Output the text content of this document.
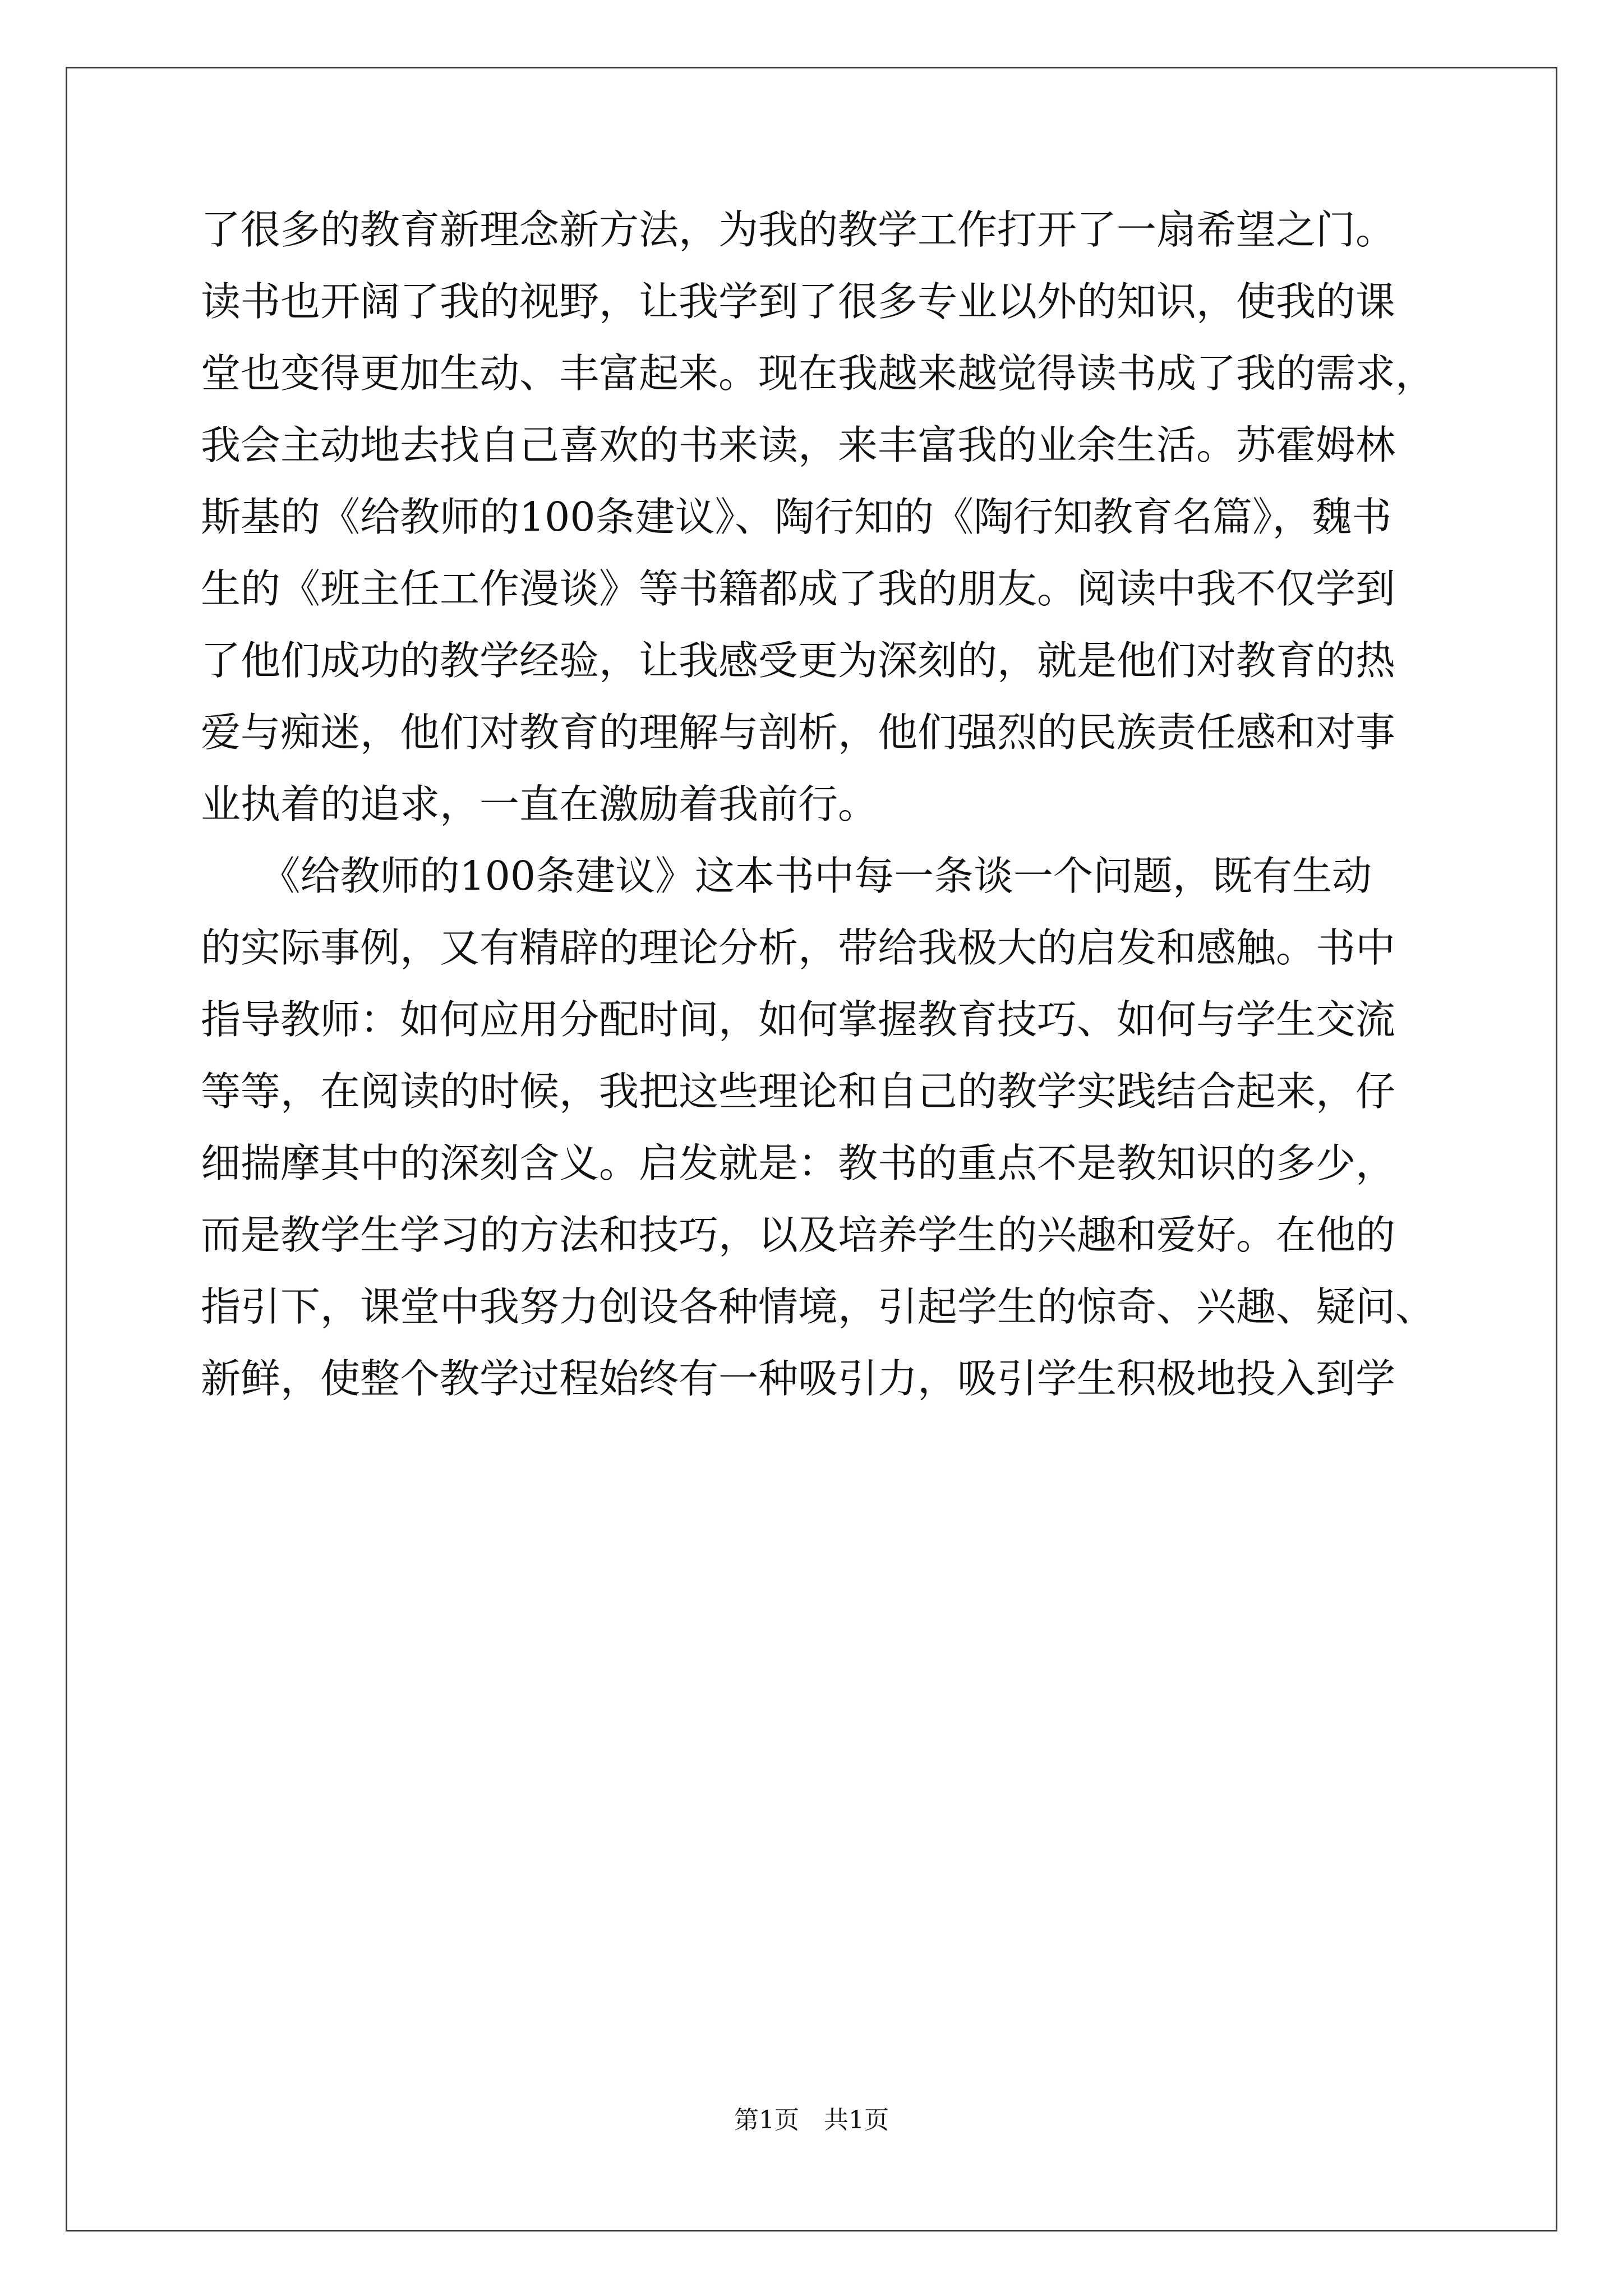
了很多的教育新理念新方法，为我的教学工作打开了一扇希望之门。
读书也开阔了我的视野，让我学到了很多专业以外的知识，使我的课
堂也变得更加生动、丰富起来。现在我越来越觉得读书成了我的需求，
我会主动地去找自己喜欢的书来读，来丰富我的业余生活。苏霍姆林
斯基的《给教师的100条建议》、陶行知的《陶行知教育名篇》，魏书
生的《班主任工作漫谈》等书籍都成了我的朋友。阅读中我不仅学到
了他们成功的教学经验，让我感受更为深刻的，就是他们对教育的热
爱与痴迷，他们对教育的理解与剖析，他们强烈的民族责任感和对事
业执着的追求，一直在激励着我前行。
　　《给教师的100条建议》这本书中每一条谈一个问题，既有生动
的实际事例，又有精辟的理论分析，带给我极大的启发和感触。书中
指导教师：如何应用分配时间，如何掌握教育技巧、如何与学生交流
等等，在阅读的时候，我把这些理论和自己的教学实践结合起来，仔
细揣摩其中的深刻含义。启发就是：教书的重点不是教知识的多少，
而是教学生学习的方法和技巧，以及培养学生的兴趣和爱好。在他的
指引下，课堂中我努力创设各种情境，引起学生的惊奇、兴趣、疑问、
新鲜，使整个教学过程始终有一种吸引力，吸引学生积极地投入到学
第1页　共1页
